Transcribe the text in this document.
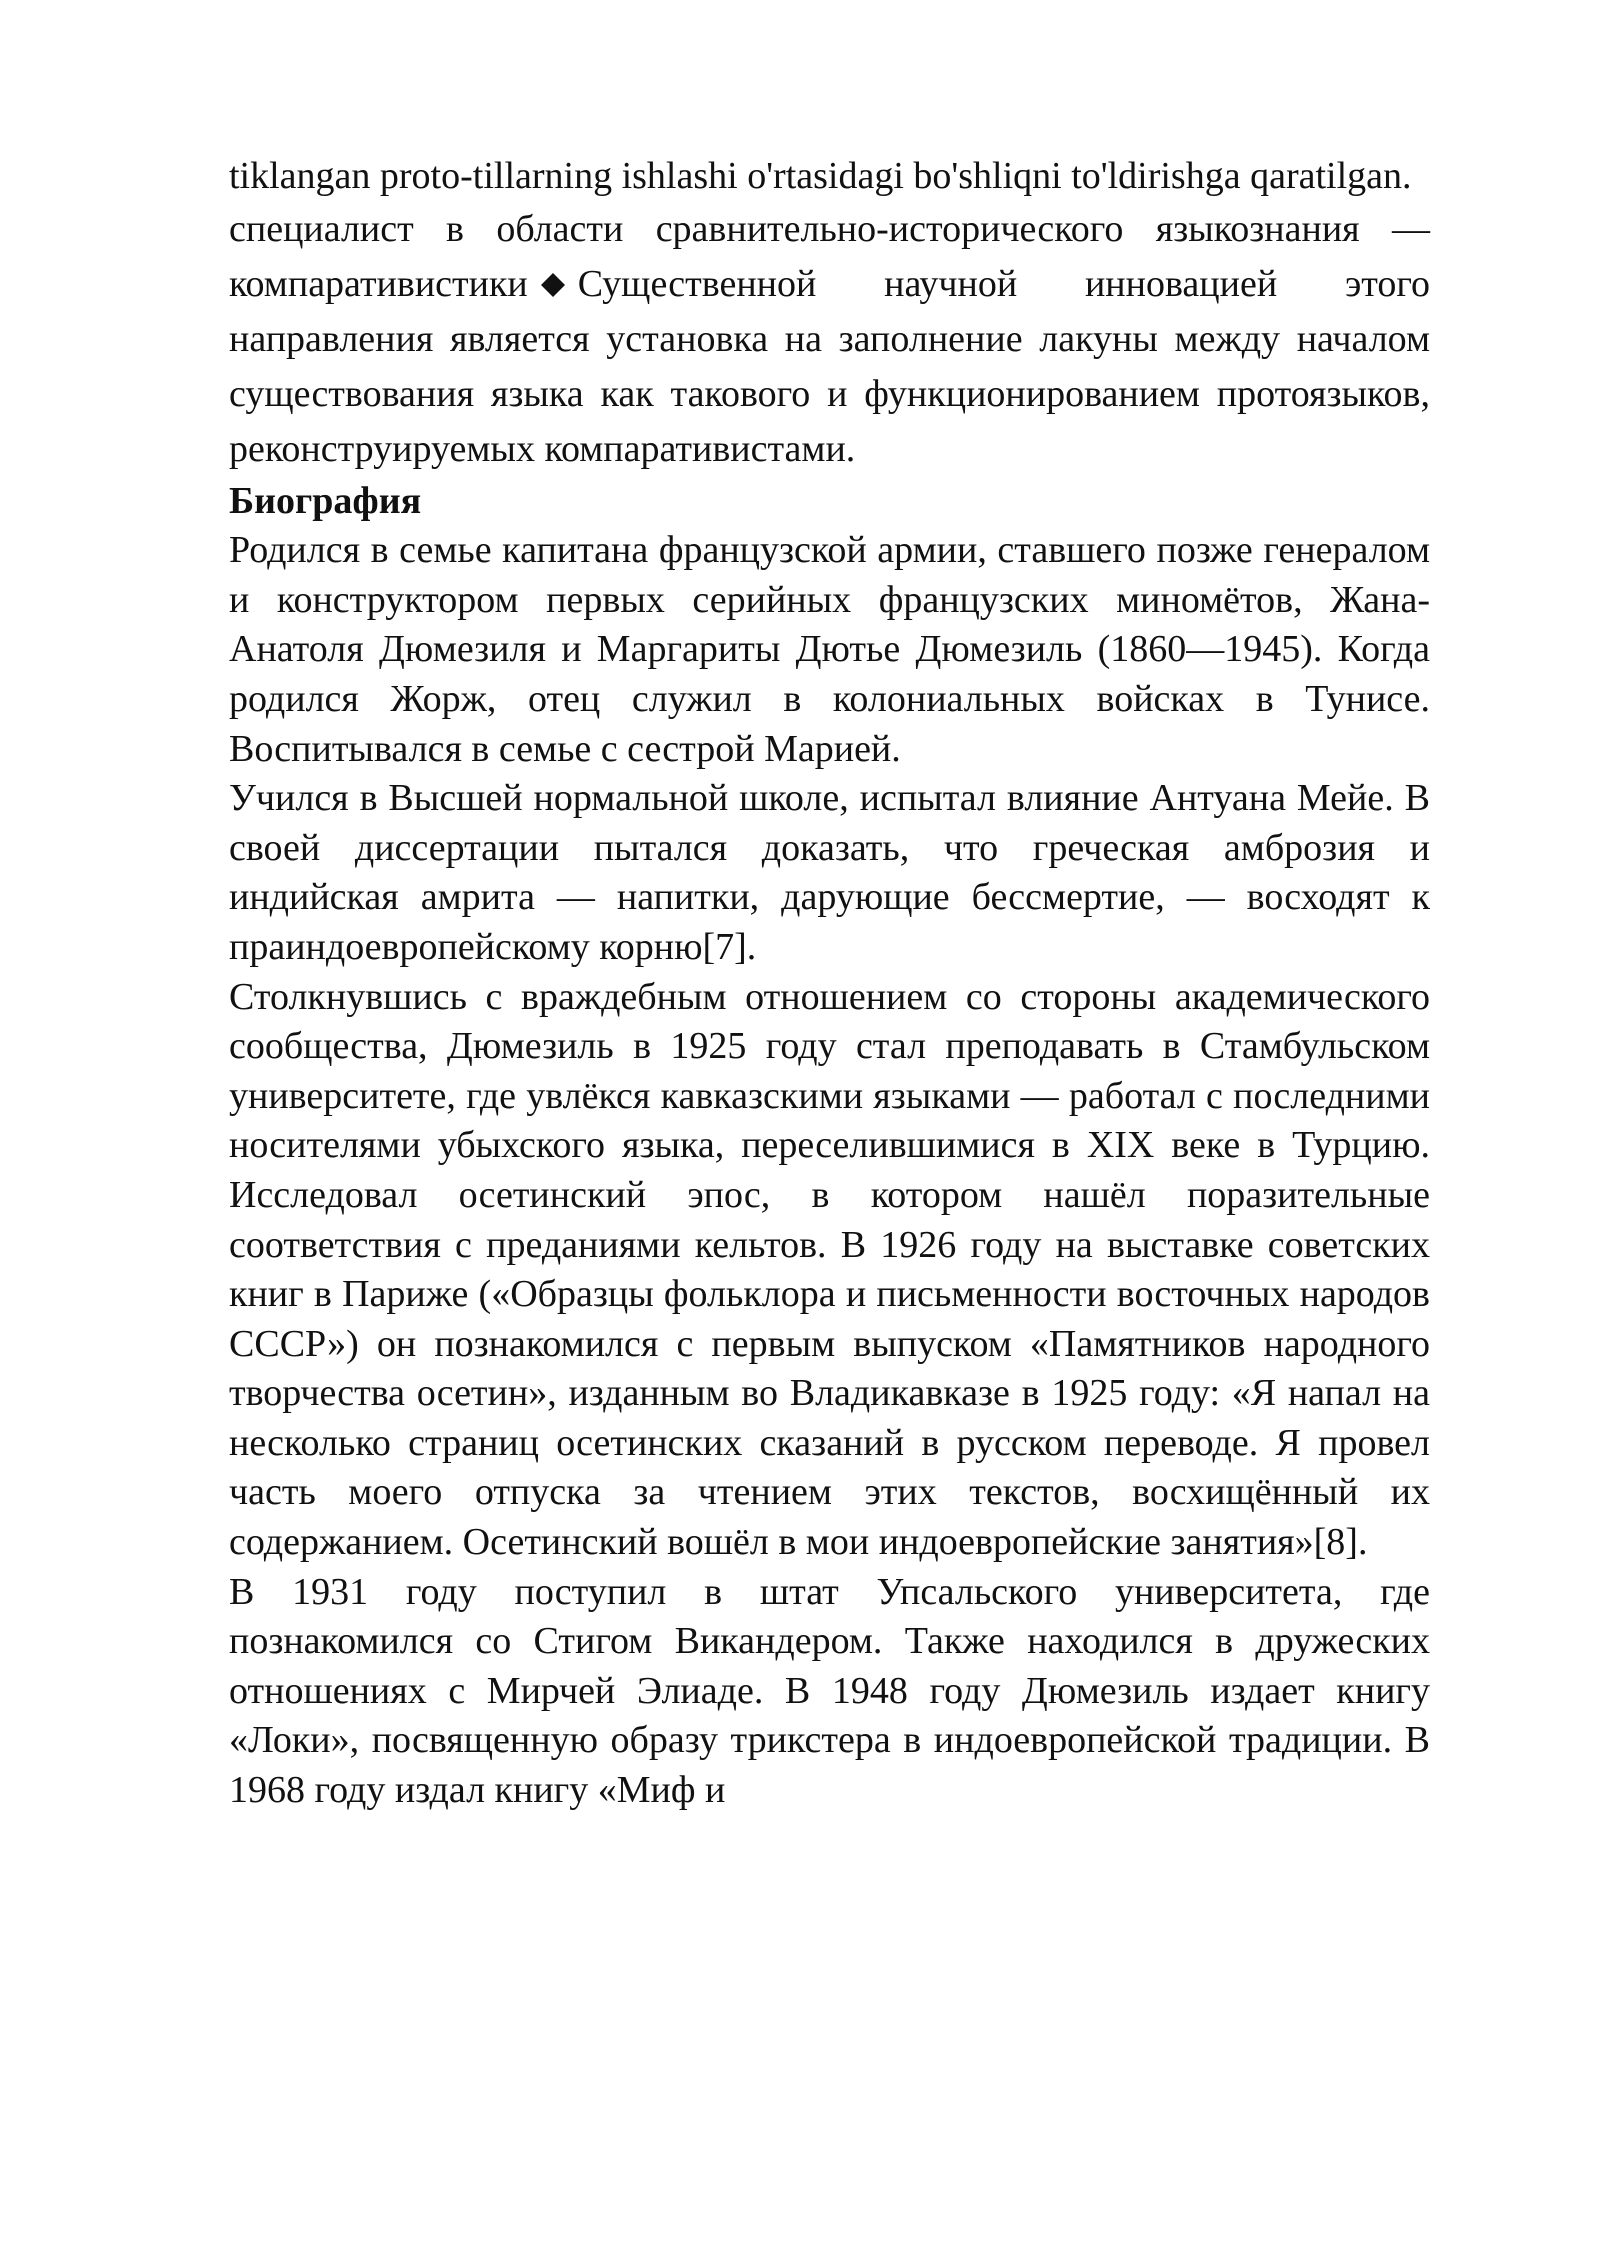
tiklangan proto-tillarning ishlashi o'rtasidagi bo'shliqni to'ldirishga qaratilgan.

специалист в области сравнительно-исторического языкознания — компаративистики Существенной научной инновацией этого направления является установка на заполнение лакуны между началом существования языка как такового и функционированием протоязыков, реконструируемых компаративистами.

Биография

Родился в семье капитана французской армии, ставшего позже генералом и конструктором первых серийных французских миномётов, Жана-Анатоля Дюмезиля и Маргариты Дютье Дюмезиль (1860—1945). Когда родился Жорж, отец служил в колониальных войсках в Тунисе. Воспитывался в семье с сестрой Марией.

Учился в Высшей нормальной школе, испытал влияние Антуана Мейе. В своей диссертации пытался доказать, что греческая амброзия и индийская амрита — напитки, дарующие бессмертие, — восходят к праиндоевропейскому корню[7].

Столкнувшись с враждебным отношением со стороны академического сообщества, Дюмезиль в 1925 году стал преподавать в Стамбульском университете, где увлёкся кавказскими языками — работал с последними носителями убыхского языка, переселившимися в XIX веке в Турцию. Исследовал осетинский эпос, в котором нашёл поразительные соответствия с преданиями кельтов. В 1926 году на выставке советских книг в Париже («Образцы фольклора и письменности восточных народов СССР») он познакомился с первым выпуском «Памятников народного творчества осетин», изданным во Владикавказе в 1925 году: «Я напал на несколько страниц осетинских сказаний в русском переводе. Я провел часть моего отпуска за чтением этих текстов, восхищённый их содержанием. Осетинский вошёл в мои индоевропейские занятия»[8].

В 1931 году поступил в штат Упсальского университета, где познакомился со Стигом Викандером. Также находился в дружеских отношениях с Мирчей Элиаде. В 1948 году Дюмезиль издает книгу «Локи», посвященную образу трикстера в индоевропейской традиции. В 1968 году издал книгу «Миф и
